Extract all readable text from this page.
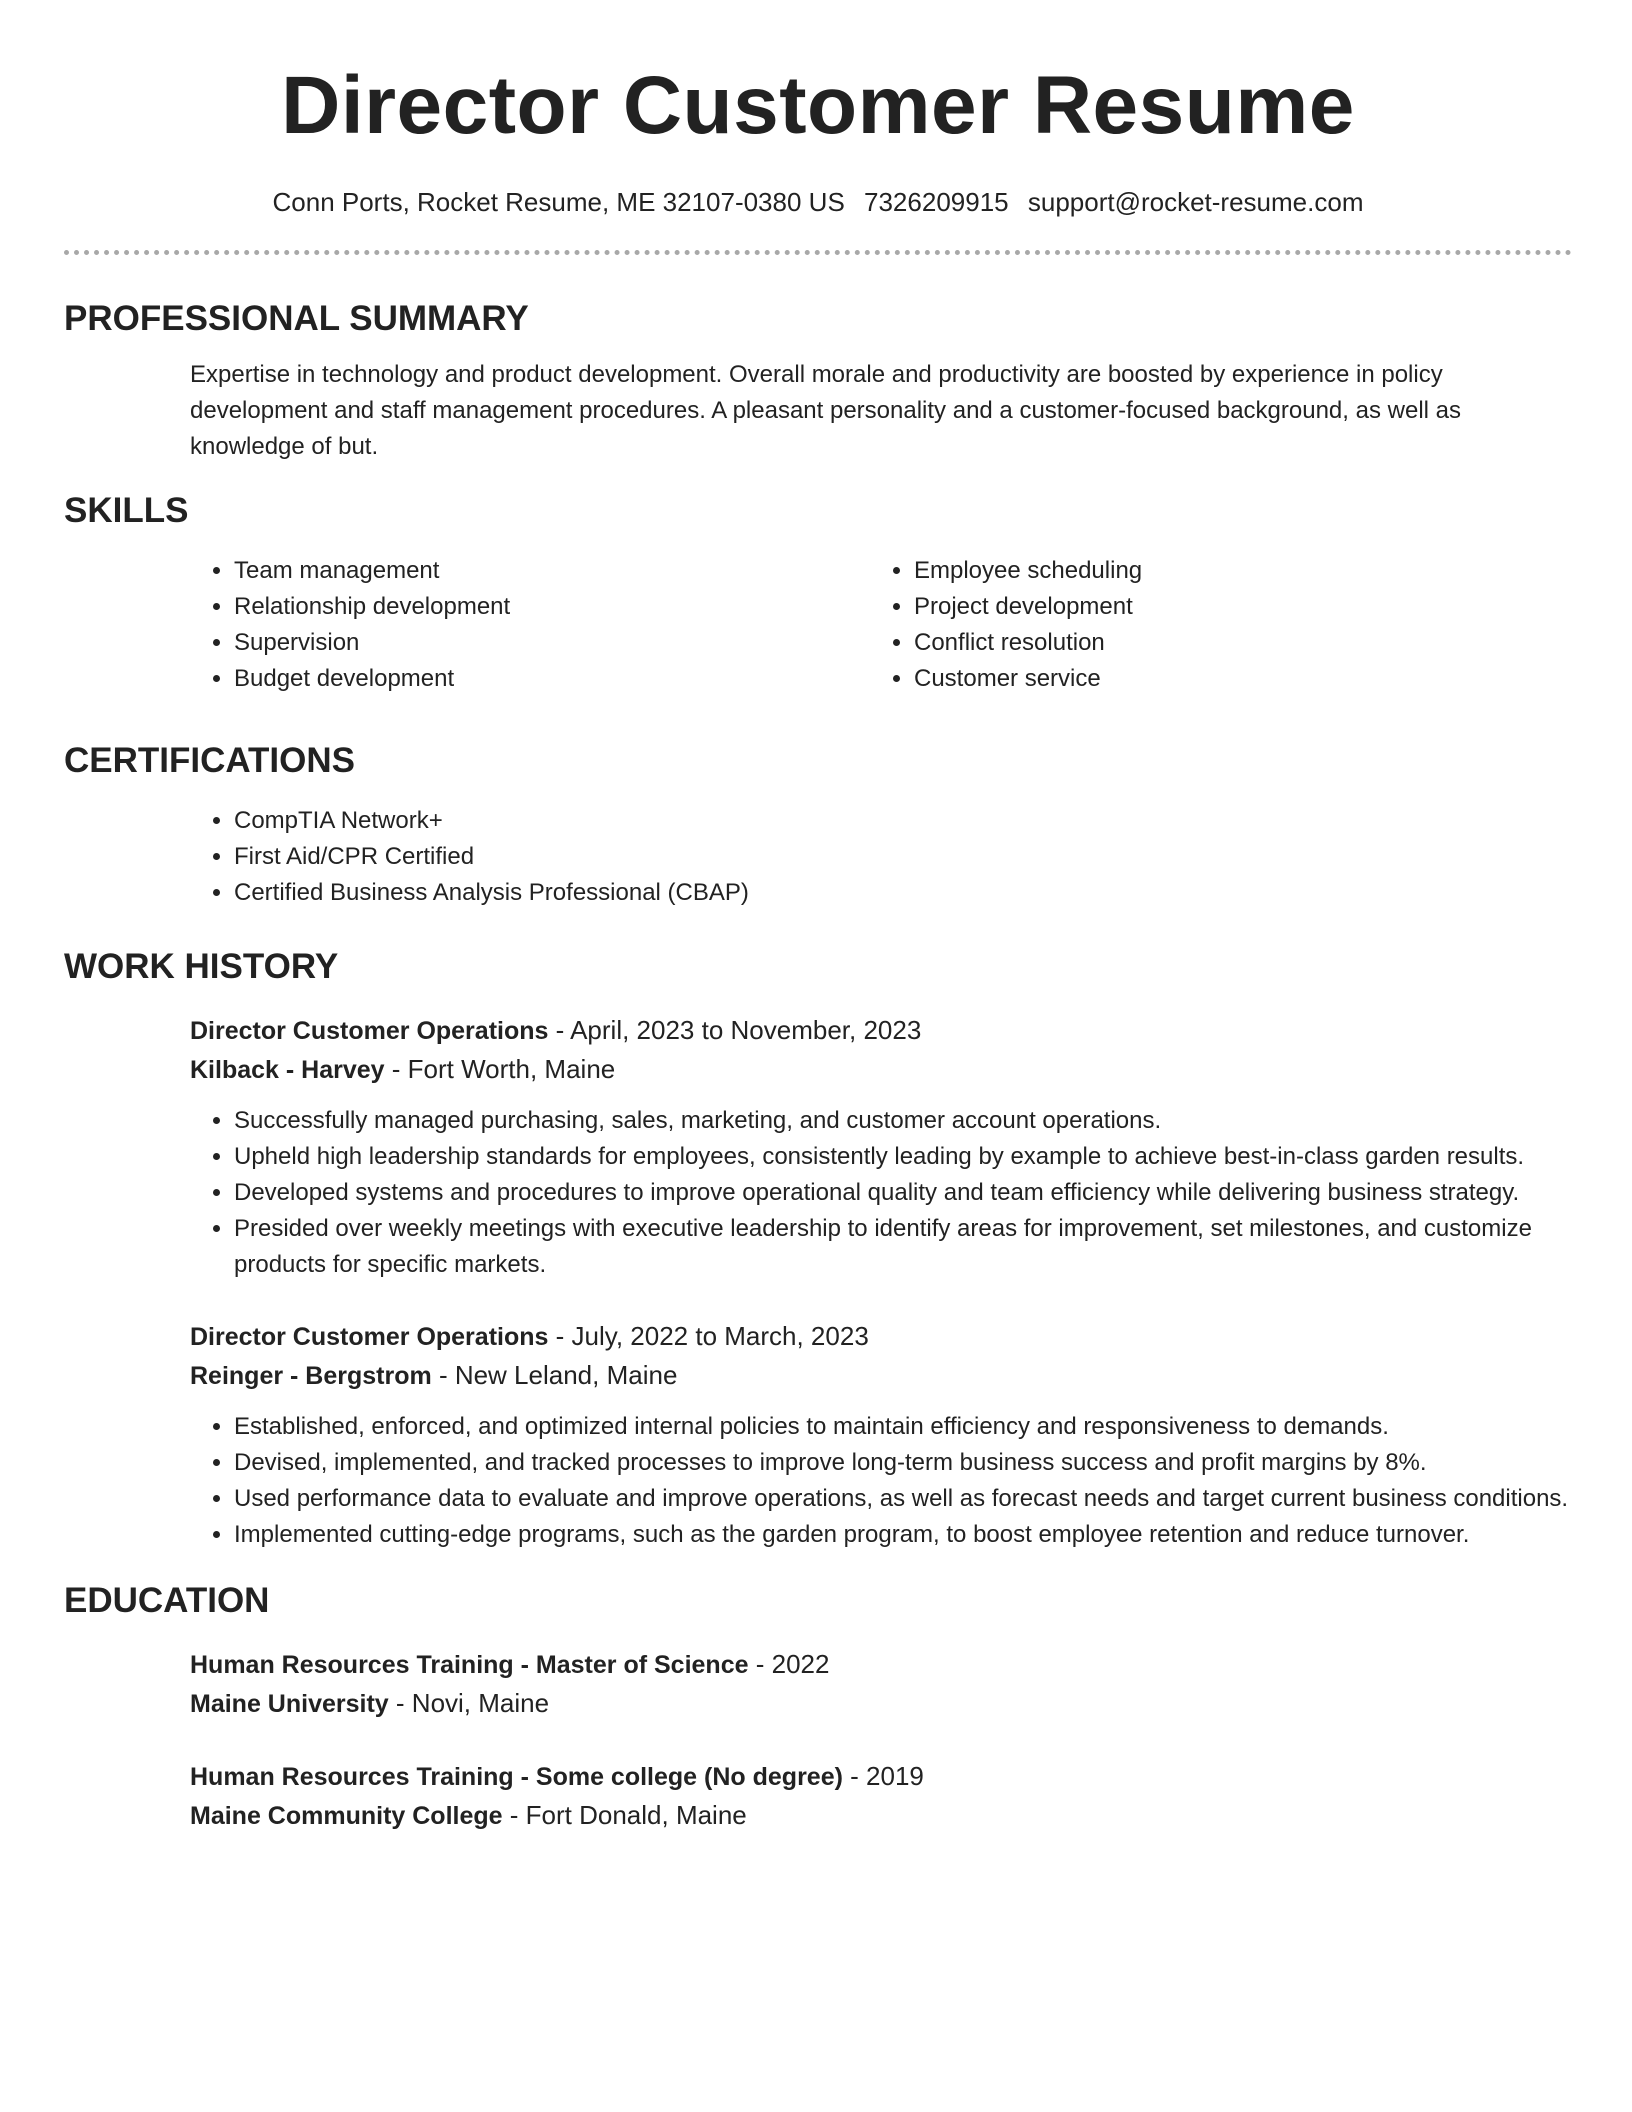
Director Customer Resume
Conn Ports, Rocket Resume, ME 32107-0380 US 7326209915 support@rocket-resume.com
PROFESSIONAL SUMMARY

Expertise in technology and product development. Overall morale and productivity are boosted by experience in policy development and staff management procedures. A pleasant personality and a customer-focused background, as well as knowledge of but.

SKILLS
• Team management
• Relationship development
• Supervision
• Budget development
• Employee scheduling
• Project development
• Conflict resolution
• Customer service
CERTIFICATIONS
• CompTIA Network+
• First Aid/CPR Certified
• Certified Business Analysis Professional (CBAP)
WORK HISTORY
Director Customer Operations - April, 2023 to November, 2023
Kilback - Harvey - Fort Worth, Maine
• Successfully managed purchasing, sales, marketing, and customer account operations.
• Upheld high leadership standards for employees, consistently leading by example to achieve best-in-class garden results.
• Developed systems and procedures to improve operational quality and team efficiency while delivering business strategy.
• Presided over weekly meetings with executive leadership to identify areas for improvement, set milestones, and customize products for specific markets.
Director Customer Operations - July, 2022 to March, 2023
Reinger - Bergstrom - New Leland, Maine
• Established, enforced, and optimized internal policies to maintain efficiency and responsiveness to demands.
• Devised, implemented, and tracked processes to improve long-term business success and profit margins by 8%.
• Used performance data to evaluate and improve operations, as well as forecast needs and target current business conditions.
• Implemented cutting-edge programs, such as the garden program, to boost employee retention and reduce turnover.
EDUCATION
Human Resources Training - Master of Science - 2022
Maine University - Novi, Maine
Human Resources Training - Some college (No degree) - 2019
Maine Community College - Fort Donald, Maine
